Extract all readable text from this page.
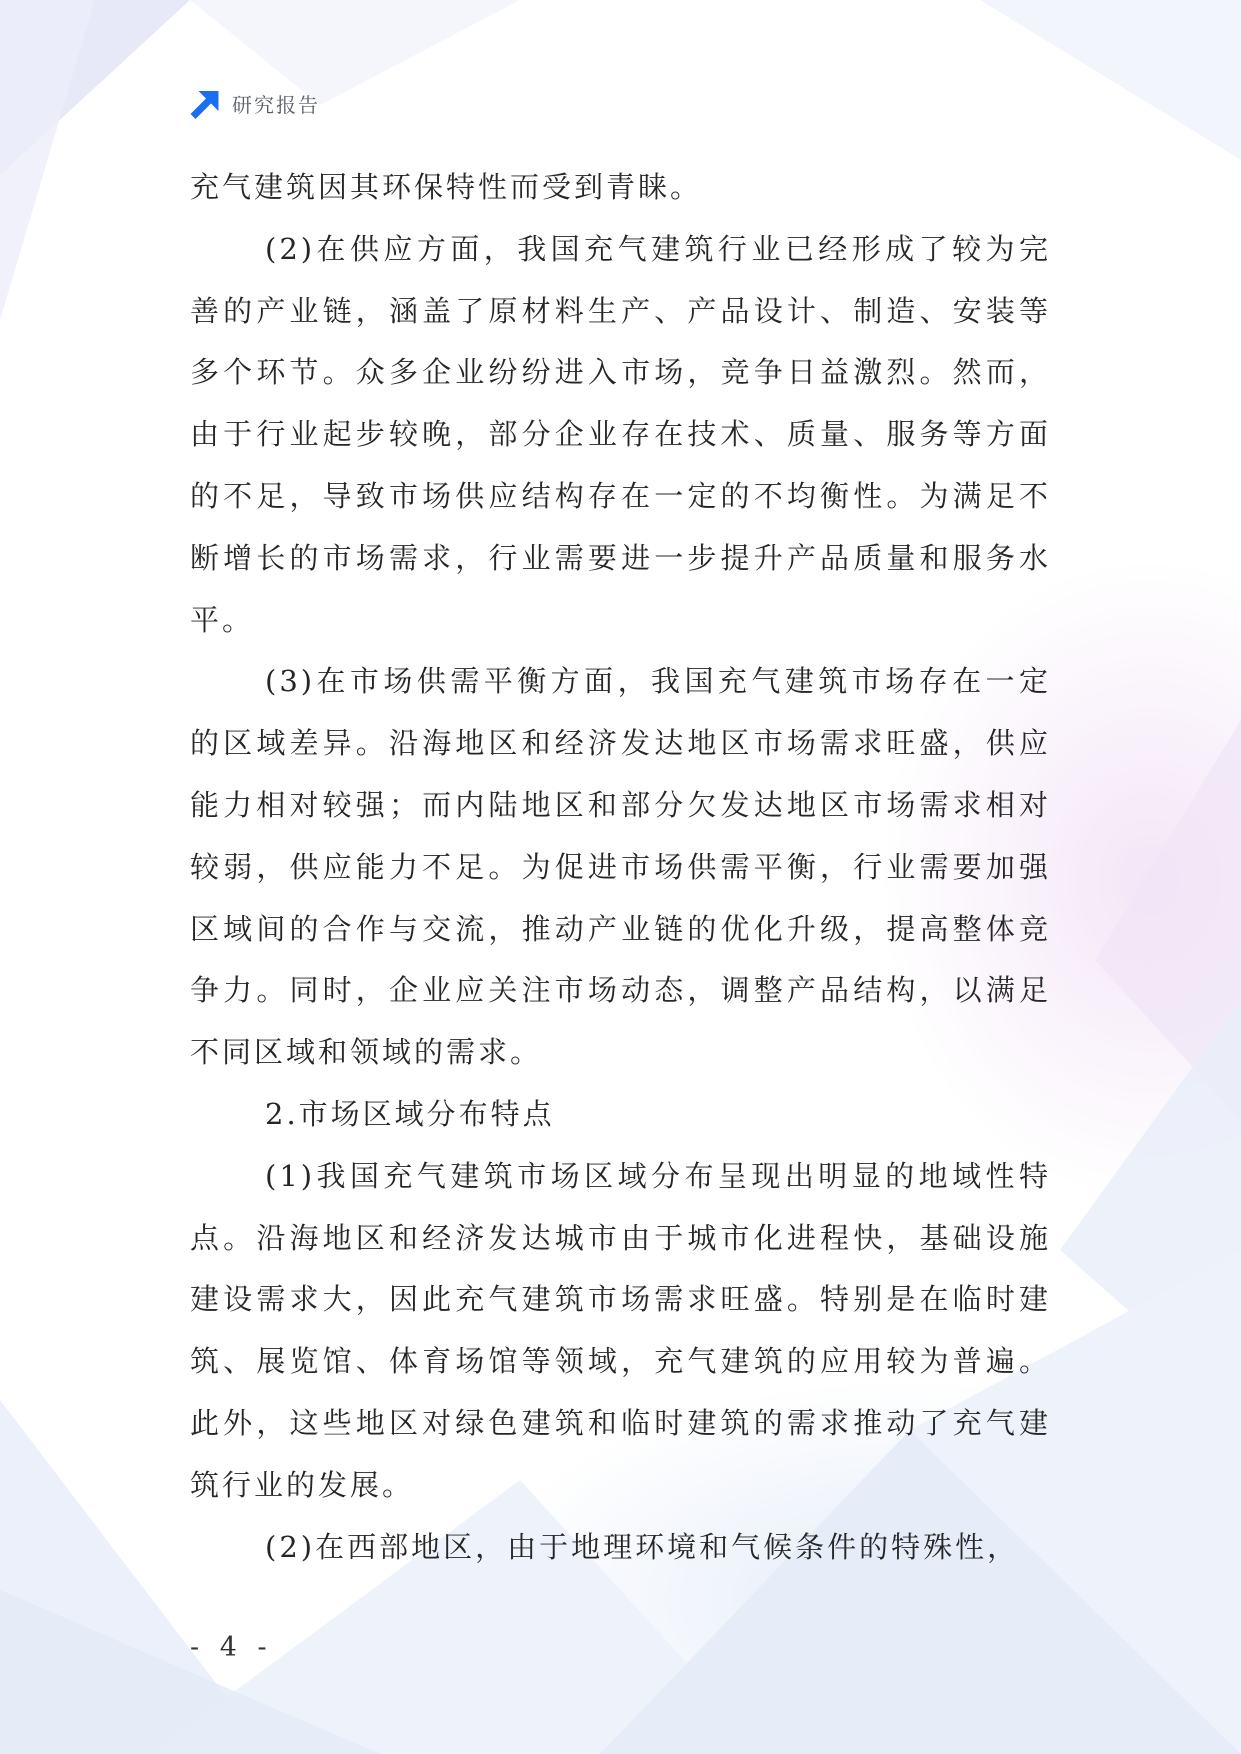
研究报告
充气建筑因其环保特性而受到青睐。
(2)在供应方面，我国充气建筑行业已经形成了较为完
善的产业链，涵盖了原材料生产、产品设计、制造、安装等
多个环节。众多企业纷纷进入市场，竞争日益激烈。然而，
由于行业起步较晚，部分企业存在技术、质量、服务等方面
的不足，导致市场供应结构存在一定的不均衡性。为满足不
断增长的市场需求，行业需要进一步提升产品质量和服务水
平。
(3)在市场供需平衡方面，我国充气建筑市场存在一定
的区域差异。沿海地区和经济发达地区市场需求旺盛，供应
能力相对较强；而内陆地区和部分欠发达地区市场需求相对
较弱，供应能力不足。为促进市场供需平衡，行业需要加强
区域间的合作与交流，推动产业链的优化升级，提高整体竞
争力。同时，企业应关注市场动态，调整产品结构，以满足
不同区域和领域的需求。
2.市场区域分布特点
(1)我国充气建筑市场区域分布呈现出明显的地域性特
点。沿海地区和经济发达城市由于城市化进程快，基础设施
建设需求大，因此充气建筑市场需求旺盛。特别是在临时建
筑、展览馆、体育场馆等领域，充气建筑的应用较为普遍。
此外，这些地区对绿色建筑和临时建筑的需求推动了充气建
筑行业的发展。
(2)在西部地区，由于地理环境和气候条件的特殊性，
- 4 -
